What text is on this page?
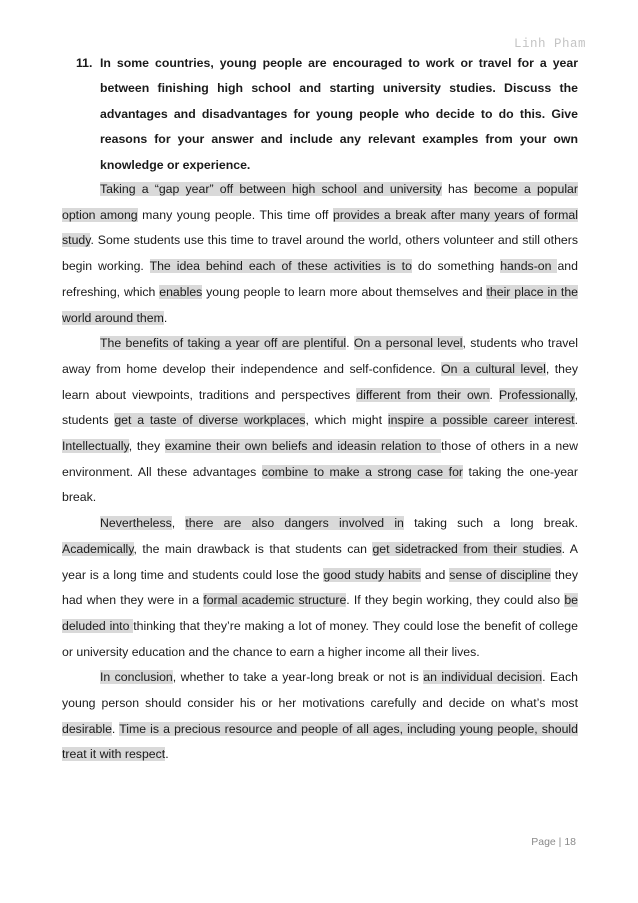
Linh Pham
11. In some countries, young people are encouraged to work or travel for a year between finishing high school and starting university studies. Discuss the advantages and disadvantages for young people who decide to do this. Give reasons for your answer and include any relevant examples from your own knowledge or experience.

Taking a “gap year” off between high school and university has become a popular option among many young people. This time off provides a break after many years of formal study. Some students use this time to travel around the world, others volunteer and still others begin working. The idea behind each of these activities is to do something hands-on and refreshing, which enables young people to learn more about themselves and their place in the world around them.

The benefits of taking a year off are plentiful. On a personal level, students who travel away from home develop their independence and self-confidence. On a cultural level, they learn about viewpoints, traditions and perspectives different from their own. Professionally, students get a taste of diverse workplaces, which might inspire a possible career interest. Intellectually, they examine their own beliefs and ideasin relation to those of others in a new environment. All these advantages combine to make a strong case for taking the one-year break.

Nevertheless, there are also dangers involved in taking such a long break. Academically, the main drawback is that students can get sidetracked from their studies. A year is a long time and students could lose the good study habits and sense of discipline they had when they were in a formal academic structure. If they begin working, they could also be deluded into thinking that they’re making a lot of money. They could lose the benefit of college or university education and the chance to earn a higher income all their lives.

In conclusion, whether to take a year-long break or not is an individual decision. Each young person should consider his or her motivations carefully and decide on what’s most desirable. Time is a precious resource and people of all ages, including young people, should treat it with respect.

Page | 18
